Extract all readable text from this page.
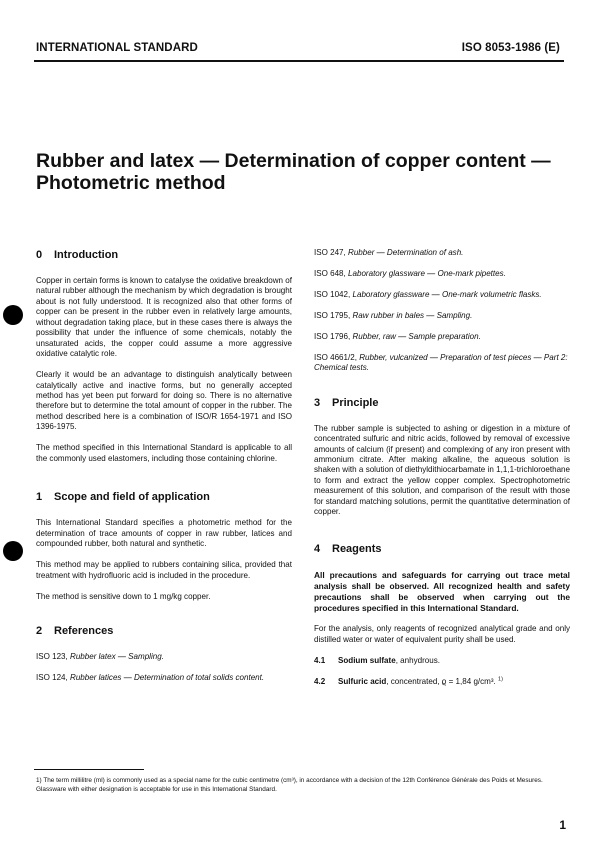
INTERNATIONAL STANDARD	ISO 8053-1986 (E)
Rubber and latex — Determination of copper content —
Photometric method
0 Introduction

Copper in certain forms is known to catalyse the oxidative breakdown of natural rubber although the mechanism by which degradation is brought about is not fully understood. It is recognized also that other forms of copper can be present in the rubber even in relatively large amounts, without degradation taking place, but in these cases there is always the possibility that under the influence of some chemicals, notably the unsaturated acids, the copper could assume a more aggressive oxidative catalytic role.

Clearly it would be an advantage to distinguish analytically between catalytically active and inactive forms, but no generally accepted method has yet been put forward for doing so. There is no alternative therefore but to determine the total amount of copper in the rubber. The method described here is a combination of ISO/R 1654-1971 and ISO 1396-1975.

The method specified in this International Standard is applicable to all the commonly used elastomers, including those containing chlorine.

1 Scope and field of application

This International Standard specifies a photometric method for the determination of trace amounts of copper in raw rubber, latices and compounded rubber, both natural and synthetic.

This method may be applied to rubbers containing silica, provided that treatment with hydrofluoric acid is included in the procedure.

The method is sensitive down to 1 mg/kg copper.

2 References

ISO 123, Rubber latex — Sampling.

ISO 124, Rubber latices — Determination of total solids content.

ISO 247, Rubber — Determination of ash.

ISO 648, Laboratory glassware — One-mark pipettes.

ISO 1042, Laboratory glassware — One-mark volumetric flasks.

ISO 1795, Raw rubber in bales — Sampling.

ISO 1796, Rubber, raw — Sample preparation.

ISO 4661/2, Rubber, vulcanized — Preparation of test pieces — Part 2: Chemical tests.

3 Principle

The rubber sample is subjected to ashing or digestion in a mixture of concentrated sulfuric and nitric acids, followed by removal of excessive amounts of calcium (if present) and complexing of any iron present with ammonium citrate. After making alkaline, the aqueous solution is shaken with a solution of diethyldithiocarbamate in 1,1,1-trichloroethane to form and extract the yellow copper complex. Spectrophotometric measurement of this solution, and comparison of the result with those for standard matching solutions, permit the quantitative determination of copper.

4 Reagents

All precautions and safeguards for carrying out trace metal analysis shall be observed. All recognized health and safety precautions shall be observed when carrying out the procedures specified in this International Standard.

For the analysis, only reagents of recognized analytical grade and only distilled water or water of equivalent purity shall be used.

4.1 Sodium sulfate, anhydrous.
4.2 Sulfuric acid, concentrated, ϱ = 1,84 g/cm³. $^{1)}$
1) The term millilitre (ml) is commonly used as a special name for the cubic centimetre (cm³), in accordance with a decision of the 12th Conférence Générale des Poids et Mesures. Glassware with either designation is acceptable for use in this International Standard.
1
